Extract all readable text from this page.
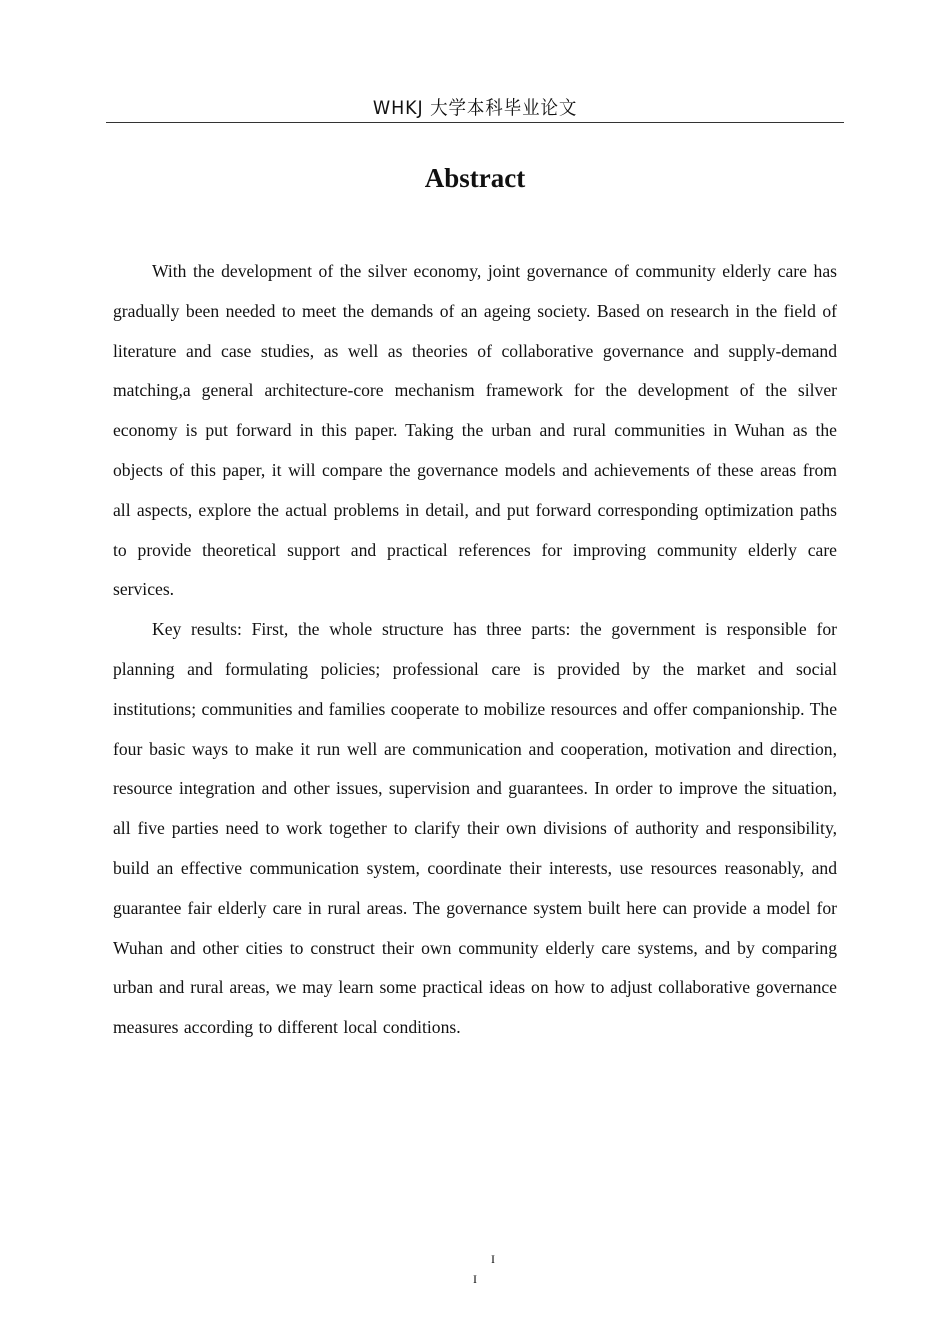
WHKJ 大学本科毕业论文
Abstract

With the development of the silver economy, joint governance of community elderly care has gradually been needed to meet the demands of an ageing society. Based on research in the field of literature and case studies, as well as theories of collaborative governance and supply-demand matching,a general architecture-core mechanism framework for the development of the silver economy is put forward in this paper. Taking the urban and rural communities in Wuhan as the objects of this paper, it will compare the governance models and achievements of these areas from all aspects, explore the actual problems in detail, and put forward corresponding optimization paths to provide theoretical support and practical references for improving community elderly care services.

Key results: First, the whole structure has three parts: the government is responsible for planning and formulating policies; professional care is provided by the market and social institutions; communities and families cooperate to mobilize resources and offer companionship. The four basic ways to make it run well are communication and cooperation, motivation and direction, resource integration and other issues, supervision and guarantees. In order to improve the situation, all five parties need to work together to clarify their own divisions of authority and responsibility, build an effective communication system, coordinate their interests, use resources reasonably, and guarantee fair elderly care in rural areas. The governance system built here can provide a model for Wuhan and other cities to construct their own community elderly care systems, and by comparing urban and rural areas, we may learn some practical ideas on how to adjust collaborative governance measures according to different local conditions.

I
I
